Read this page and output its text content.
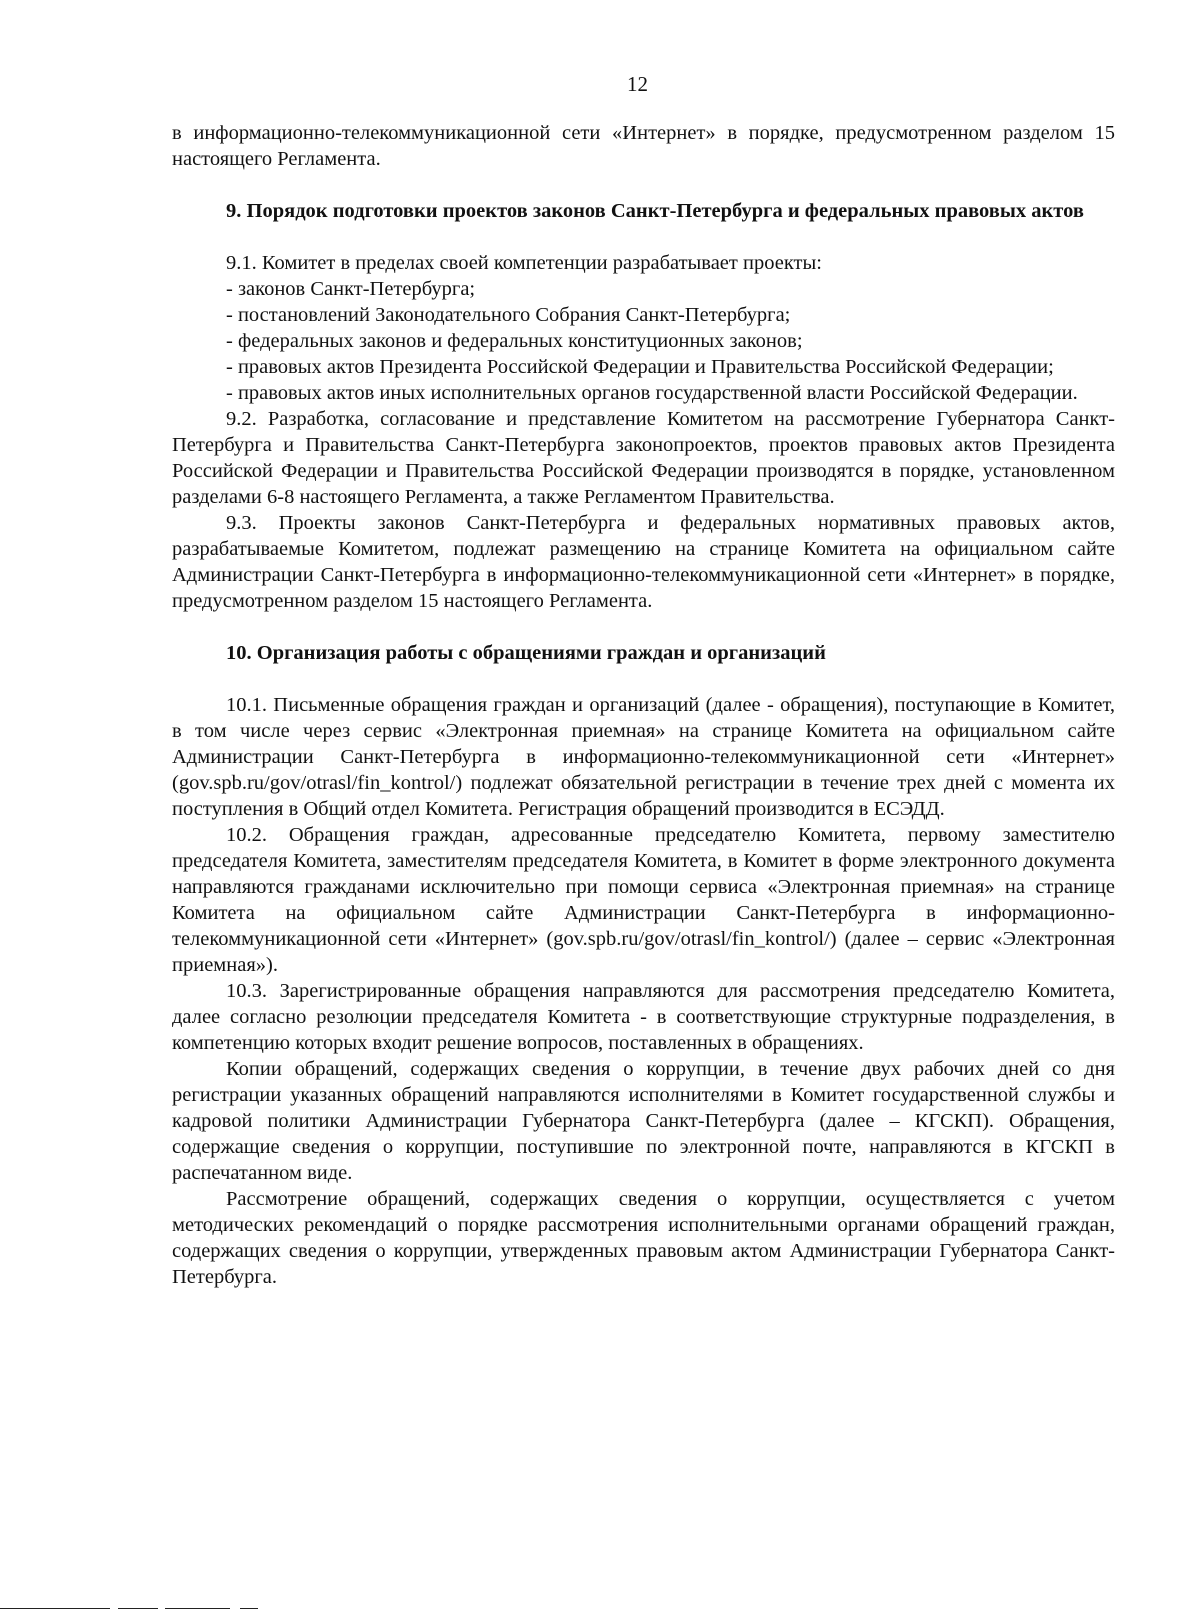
12

в информационно-телекоммуникационной сети «Интернет» в порядке, предусмотренном разделом 15 настоящего Регламента.

9. Порядок подготовки проектов законов Санкт-Петербурга и федеральных правовых актов

9.1. Комитет в пределах своей компетенции разрабатывает проекты:

- законов Санкт-Петербурга;

- постановлений Законодательного Собрания Санкт-Петербурга;

- федеральных законов и федеральных конституционных законов;

- правовых актов Президента Российской Федерации и Правительства Российской Федерации;

- правовых актов иных исполнительных органов государственной власти Российской Федерации.

9.2. Разработка, согласование и представление Комитетом на рассмотрение Губернатора Санкт-Петербурга и Правительства Санкт-Петербурга законопроектов, проектов правовых актов Президента Российской Федерации и Правительства Российской Федерации производятся в порядке, установленном разделами 6-8 настоящего Регламента, а также Регламентом Правительства.

9.3. Проекты законов Санкт-Петербурга и федеральных нормативных правовых актов, разрабатываемые Комитетом, подлежат размещению на странице Комитета на официальном сайте Администрации Санкт-Петербурга в информационно-телекоммуникационной сети «Интернет» в порядке, предусмотренном разделом 15 настоящего Регламента.

10. Организация работы с обращениями граждан и организаций

10.1. Письменные обращения граждан и организаций (далее - обращения), поступающие в Комитет, в том числе через сервис «Электронная приемная» на странице Комитета на официальном сайте Администрации Санкт-Петербурга в информационно-телекоммуникационной сети «Интернет» (gov.spb.ru/gov/otrasl/fin_kontrol/) подлежат обязательной регистрации в течение трех дней с момента их поступления в Общий отдел Комитета. Регистрация обращений производится в ЕСЭДД.

10.2. Обращения граждан, адресованные председателю Комитета, первому заместителю председателя Комитета, заместителям председателя Комитета, в Комитет в форме электронного документа направляются гражданами исключительно при помощи сервиса «Электронная приемная» на странице Комитета на официальном сайте Администрации Санкт-Петербурга в информационно-телекоммуникационной сети «Интернет» (gov.spb.ru/gov/otrasl/fin_kontrol/) (далее – сервис «Электронная приемная»).

10.3. Зарегистрированные обращения направляются для рассмотрения председателю Комитета, далее согласно резолюции председателя Комитета - в соответствующие структурные подразделения, в компетенцию которых входит решение вопросов, поставленных в обращениях.

Копии обращений, содержащих сведения о коррупции, в течение двух рабочих дней со дня регистрации указанных обращений направляются исполнителями в Комитет государственной службы и кадровой политики Администрации Губернатора Санкт-Петербурга (далее – КГСКП). Обращения, содержащие сведения о коррупции, поступившие по электронной почте, направляются в КГСКП в распечатанном виде.

Рассмотрение обращений, содержащих сведения о коррупции, осуществляется с учетом методических рекомендаций о порядке рассмотрения исполнительными органами обращений граждан, содержащих сведения о коррупции, утвержденных правовым актом Администрации Губернатора Санкт-Петербурга.
